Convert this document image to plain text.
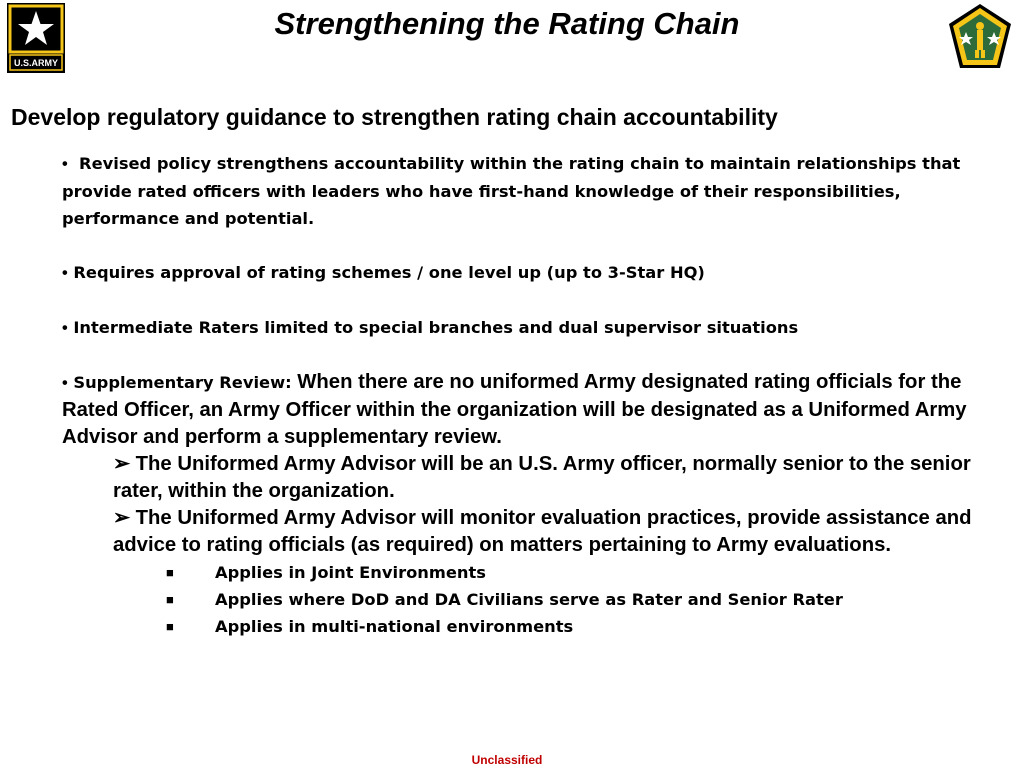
U.S.ARMY
Strengthening the Rating Chain
Develop regulatory guidance to strengthen rating chain accountability

• Revised policy strengthens accountability within the rating chain to maintain relationships that provide rated officers with leaders who have first-hand knowledge of their responsibilities, performance and potential.

• Requires approval of rating schemes / one level up (up to 3-Star HQ)

• Intermediate Raters limited to special branches and dual supervisor situations

• Supplementary Review: When there are no uniformed Army designated rating officials for the Rated Officer, an Army Officer within the organization will be designated as a Uniformed Army Advisor and perform a supplementary review.

➢ The Uniformed Army Advisor will be an U.S. Army officer, normally senior to the senior rater, within the organization.

➢ The Uniformed Army Advisor will monitor evaluation practices, provide assistance and advice to rating officials (as required) on matters pertaining to Army evaluations.

■	Applies in Joint Environments

■	Applies where DoD and DA Civilians serve as Rater and Senior Rater

■	Applies in multi-national environments

Unclassified
